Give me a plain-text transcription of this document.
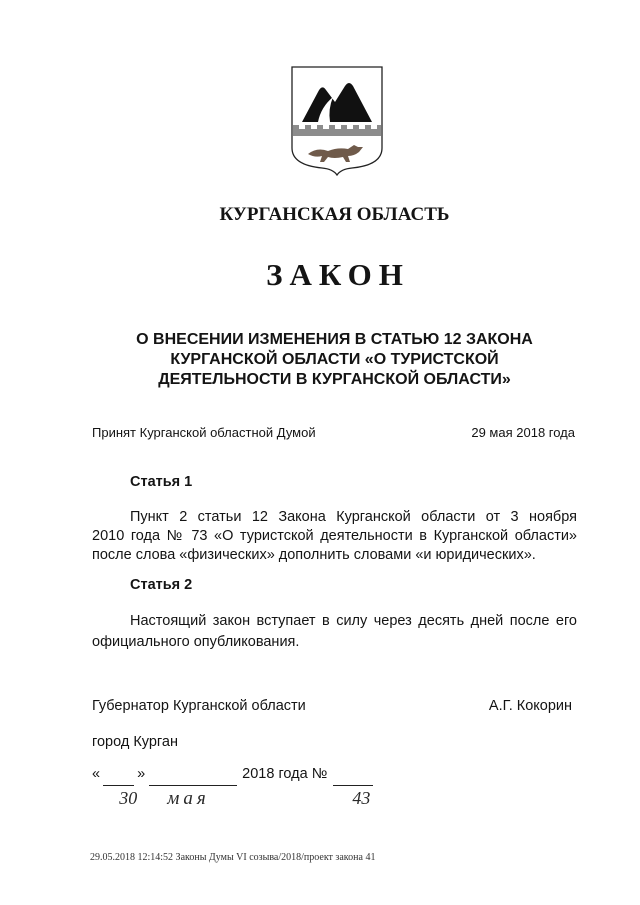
КУРГАНСКАЯ ОБЛАСТЬ
ЗАКОН
О ВНЕСЕНИИ ИЗМЕНЕНИЯ В СТАТЬЮ 12 ЗАКОНА
КУРГАНСКОЙ ОБЛАСТИ «О ТУРИСТСКОЙ
ДЕЯТЕЛЬНОСТИ В КУРГАНСКОЙ ОБЛАСТИ»
Принят Курганской областной Думой	29 мая 2018 года
Статья 1
Пункт 2 статьи 12 Закона Курганской области от 3 ноября
2010 года № 73 «О туристской деятельности в Курганской области»
после слова «физических» дополнить словами «и юридических».
Статья 2
Настоящий закон вступает в силу через десять дней после его
официального опубликования.
Губернатор Курганской области	А.Г. Кокорин
город Курган
«

30

»

мая

2018 года №

43

29.05.2018 12:14:52 Законы Думы VI созыва/2018/проект закона 41
